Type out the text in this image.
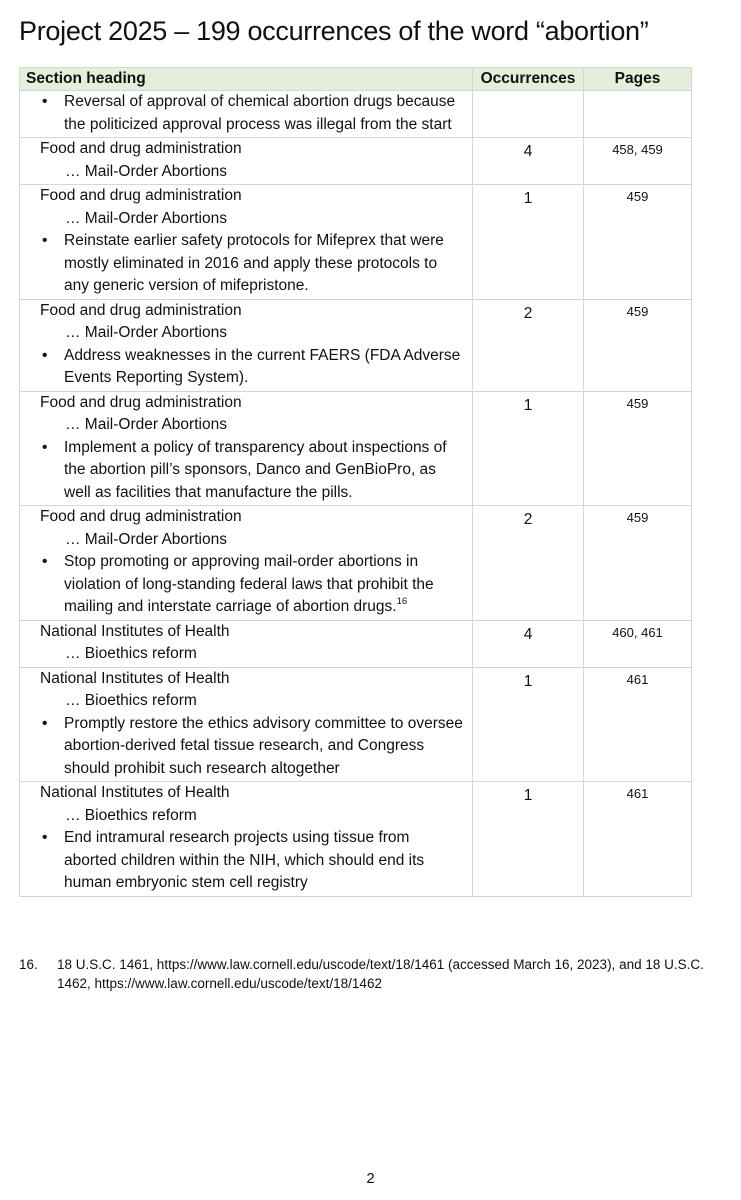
Project 2025 – 199 occurrences of the word “abortion”
Section heading	Occurrences	Pages

• Reversal of approval of chemical abortion drugs because the politicized approval process was illegal from the start		

Food and drug administration
… Mail-Order Abortions	4	458, 459

Food and drug administration
… Mail-Order Abortions
• Reinstate earlier safety protocols for Mifeprex that were mostly eliminated in 2016 and apply these protocols to any generic version of mifepristone.	1	459

Food and drug administration
… Mail-Order Abortions
• Address weaknesses in the current FAERS (FDA Adverse Events Reporting System).	2	459

Food and drug administration
… Mail-Order Abortions
• Implement a policy of transparency about inspections of the abortion pill’s sponsors, Danco and GenBioPro, as well as facilities that manufacture the pills.	1	459

Food and drug administration
… Mail-Order Abortions
• Stop promoting or approving mail-order abortions in violation of long-standing federal laws that prohibit the mailing and interstate carriage of abortion drugs.$^{16}$	2	459

National Institutes of Health
… Bioethics reform	4	460, 461

National Institutes of Health
… Bioethics reform
• Promptly restore the ethics advisory committee to oversee abortion-derived fetal tissue research, and Congress should prohibit such research altogether	1	461

National Institutes of Health
… Bioethics reform
• End intramural research projects using tissue from aborted children within the NIH, which should end its human embryonic stem cell registry	1	461
16.	18 U.S.C. 1461, https://www.law.cornell.edu/uscode/text/18/1461 (accessed March 16, 2023), and 18 U.S.C. 1462, https://www.law.cornell.edu/uscode/text/18/1462
2
